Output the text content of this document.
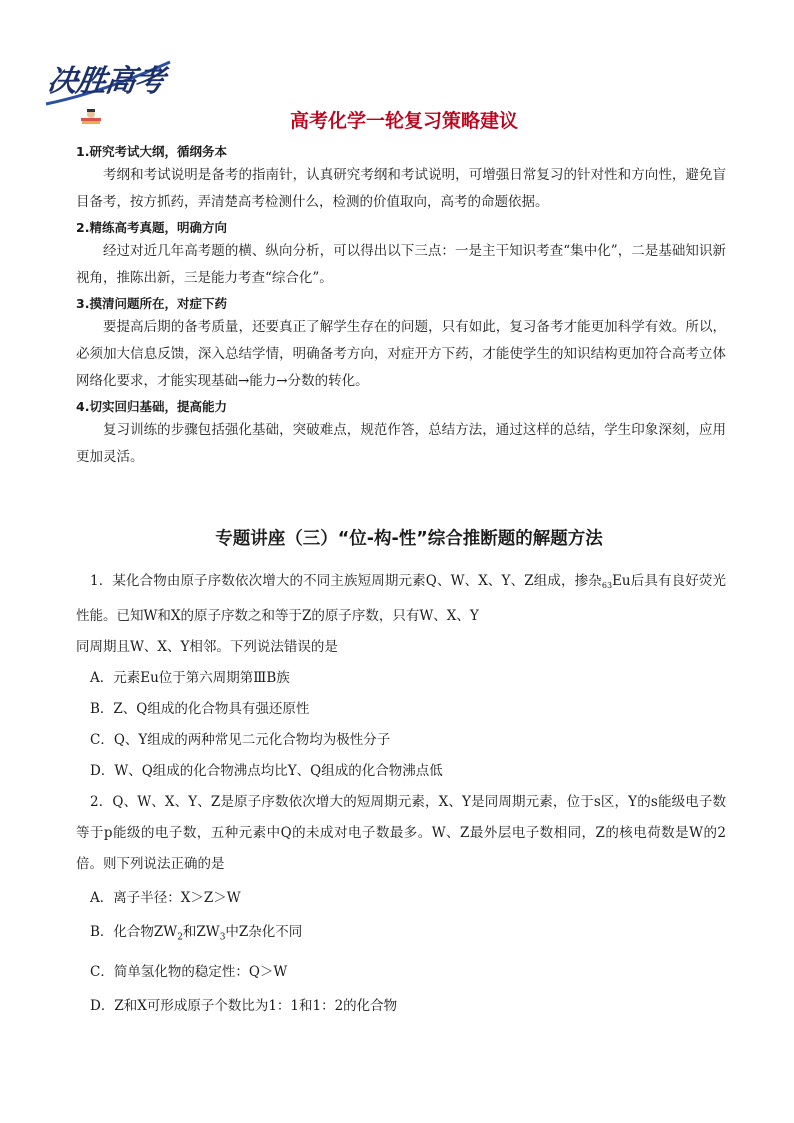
决胜高考
高考化学一轮复习策略建议

1.研究考试大纲，循纲务本

考纲和考试说明是备考的指南针，认真研究考纲和考试说明，可增强日常复习的针对性和方向性，避免盲目备考，按方抓药，弄清楚高考检测什么，检测的价值取向，高考的命题依据。

2.精练高考真题，明确方向

经过对近几年高考题的横、纵向分析，可以得出以下三点：一是主干知识考查“集中化”，二是基础知识新视角，推陈出新，三是能力考查“综合化”。

3.摸清问题所在，对症下药

要提高后期的备考质量，还要真正了解学生存在的问题，只有如此，复习备考才能更加科学有效。所以，必须加大信息反馈，深入总结学情，明确备考方向，对症开方下药，才能使学生的知识结构更加符合高考立体网络化要求，才能实现基础→能力→分数的转化。

4.切实回归基础，提高能力

复习训练的步骤包括强化基础，突破难点，规范作答，总结方法，通过这样的总结，学生印象深刻，应用更加灵活。

专题讲座（三）“位-构-性”综合推断题的解题方法

1．某化合物由原子序数依次增大的不同主族短周期元素Q、W、X、Y、Z组成，掺杂$^{63}$Eu后具有良好荧光性能。已知W和X的原子序数之和等于Z的原子序数，只有W、X、Y

同周期且W、X、Y相邻。下列说法错误的是

A．元素Eu位于第六周期第ⅢB族

B．Z、Q组成的化合物具有强还原性

C．Q、Y组成的两种常见二元化合物均为极性分子

D．W、Q组成的化合物沸点均比Y、Q组成的化合物沸点低

2．Q、W、X、Y、Z是原子序数依次增大的短周期元素，X、Y是同周期元素，位于s区，Y的s能级电子数等于p能级的电子数，五种元素中Q的未成对电子数最多。W、Z最外层电子数相同，Z的核电荷数是W的2倍。则下列说法正确的是

A．离子半径：X＞Z＞W

B．化合物$ZW_2$和$ZW_3$中Z杂化不同

C．简单氢化物的稳定性：Q＞W

D．Z和X可形成原子个数比为1：1和1：2的化合物
